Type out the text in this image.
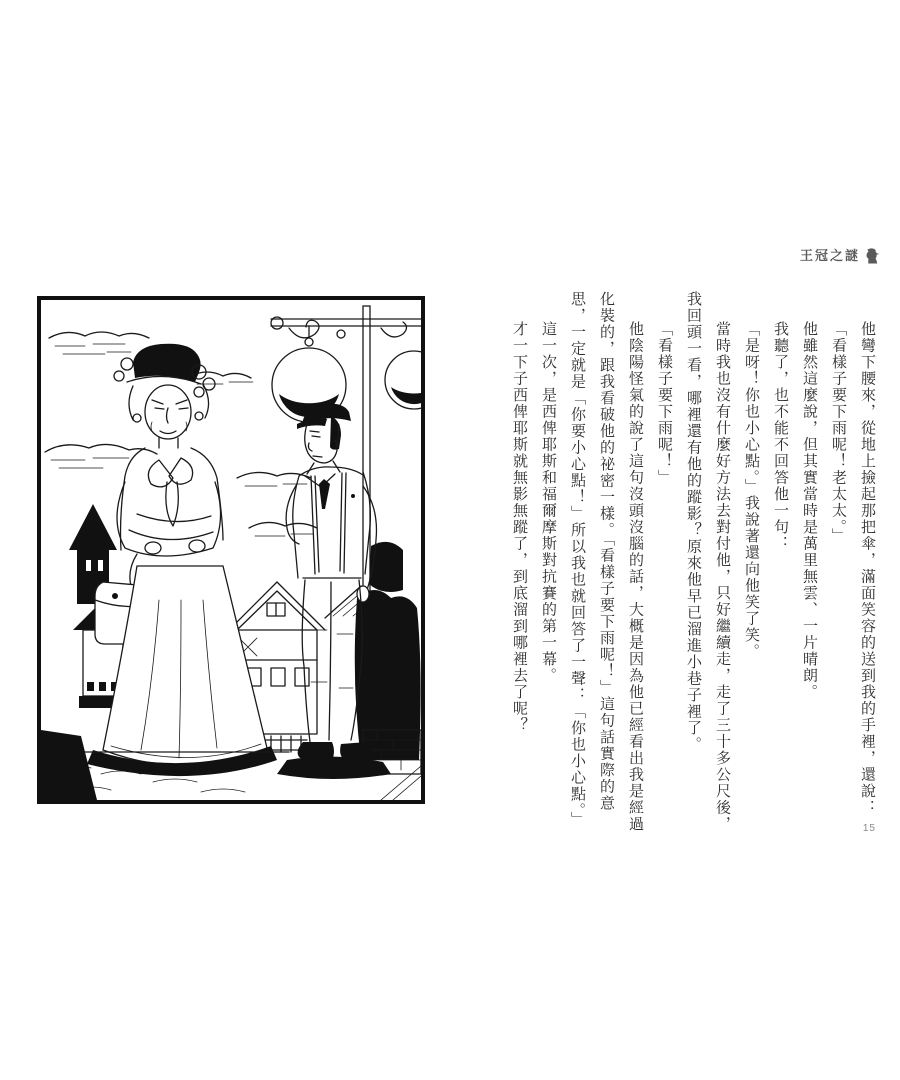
王冠之謎
他彎下腰來，從地上撿起那把傘，滿面笑容的送到我的手裡，還說：
「看樣子要下雨呢！老太太。」
他雖然這麼說，但其實當時是萬里無雲、一片晴朗。
我聽了，也不能不回答他一句：
「是呀！你也小心點。」我說著還向他笑了笑。
當時我也沒有什麼好方法去對付他，只好繼續走，走了三十多公尺後，
我回頭一看，哪裡還有他的蹤影？原來他早已溜進小巷子裡了。
「看樣子要下雨呢！」
他陰陽怪氣的說了這句沒頭沒腦的話，大概是因為他已經看出我是經過
化裝的，跟我看破他的祕密一樣。「看樣子要下雨呢！」這句話實際的意
思，一定就是「你要小心點！」所以我也就回答了一聲：「你也小心點。」
這一次，是西俾耶斯和福爾摩斯對抗賽的第一幕。
才一下子西俾耶斯就無影無蹤了，到底溜到哪裡去了呢？
15
